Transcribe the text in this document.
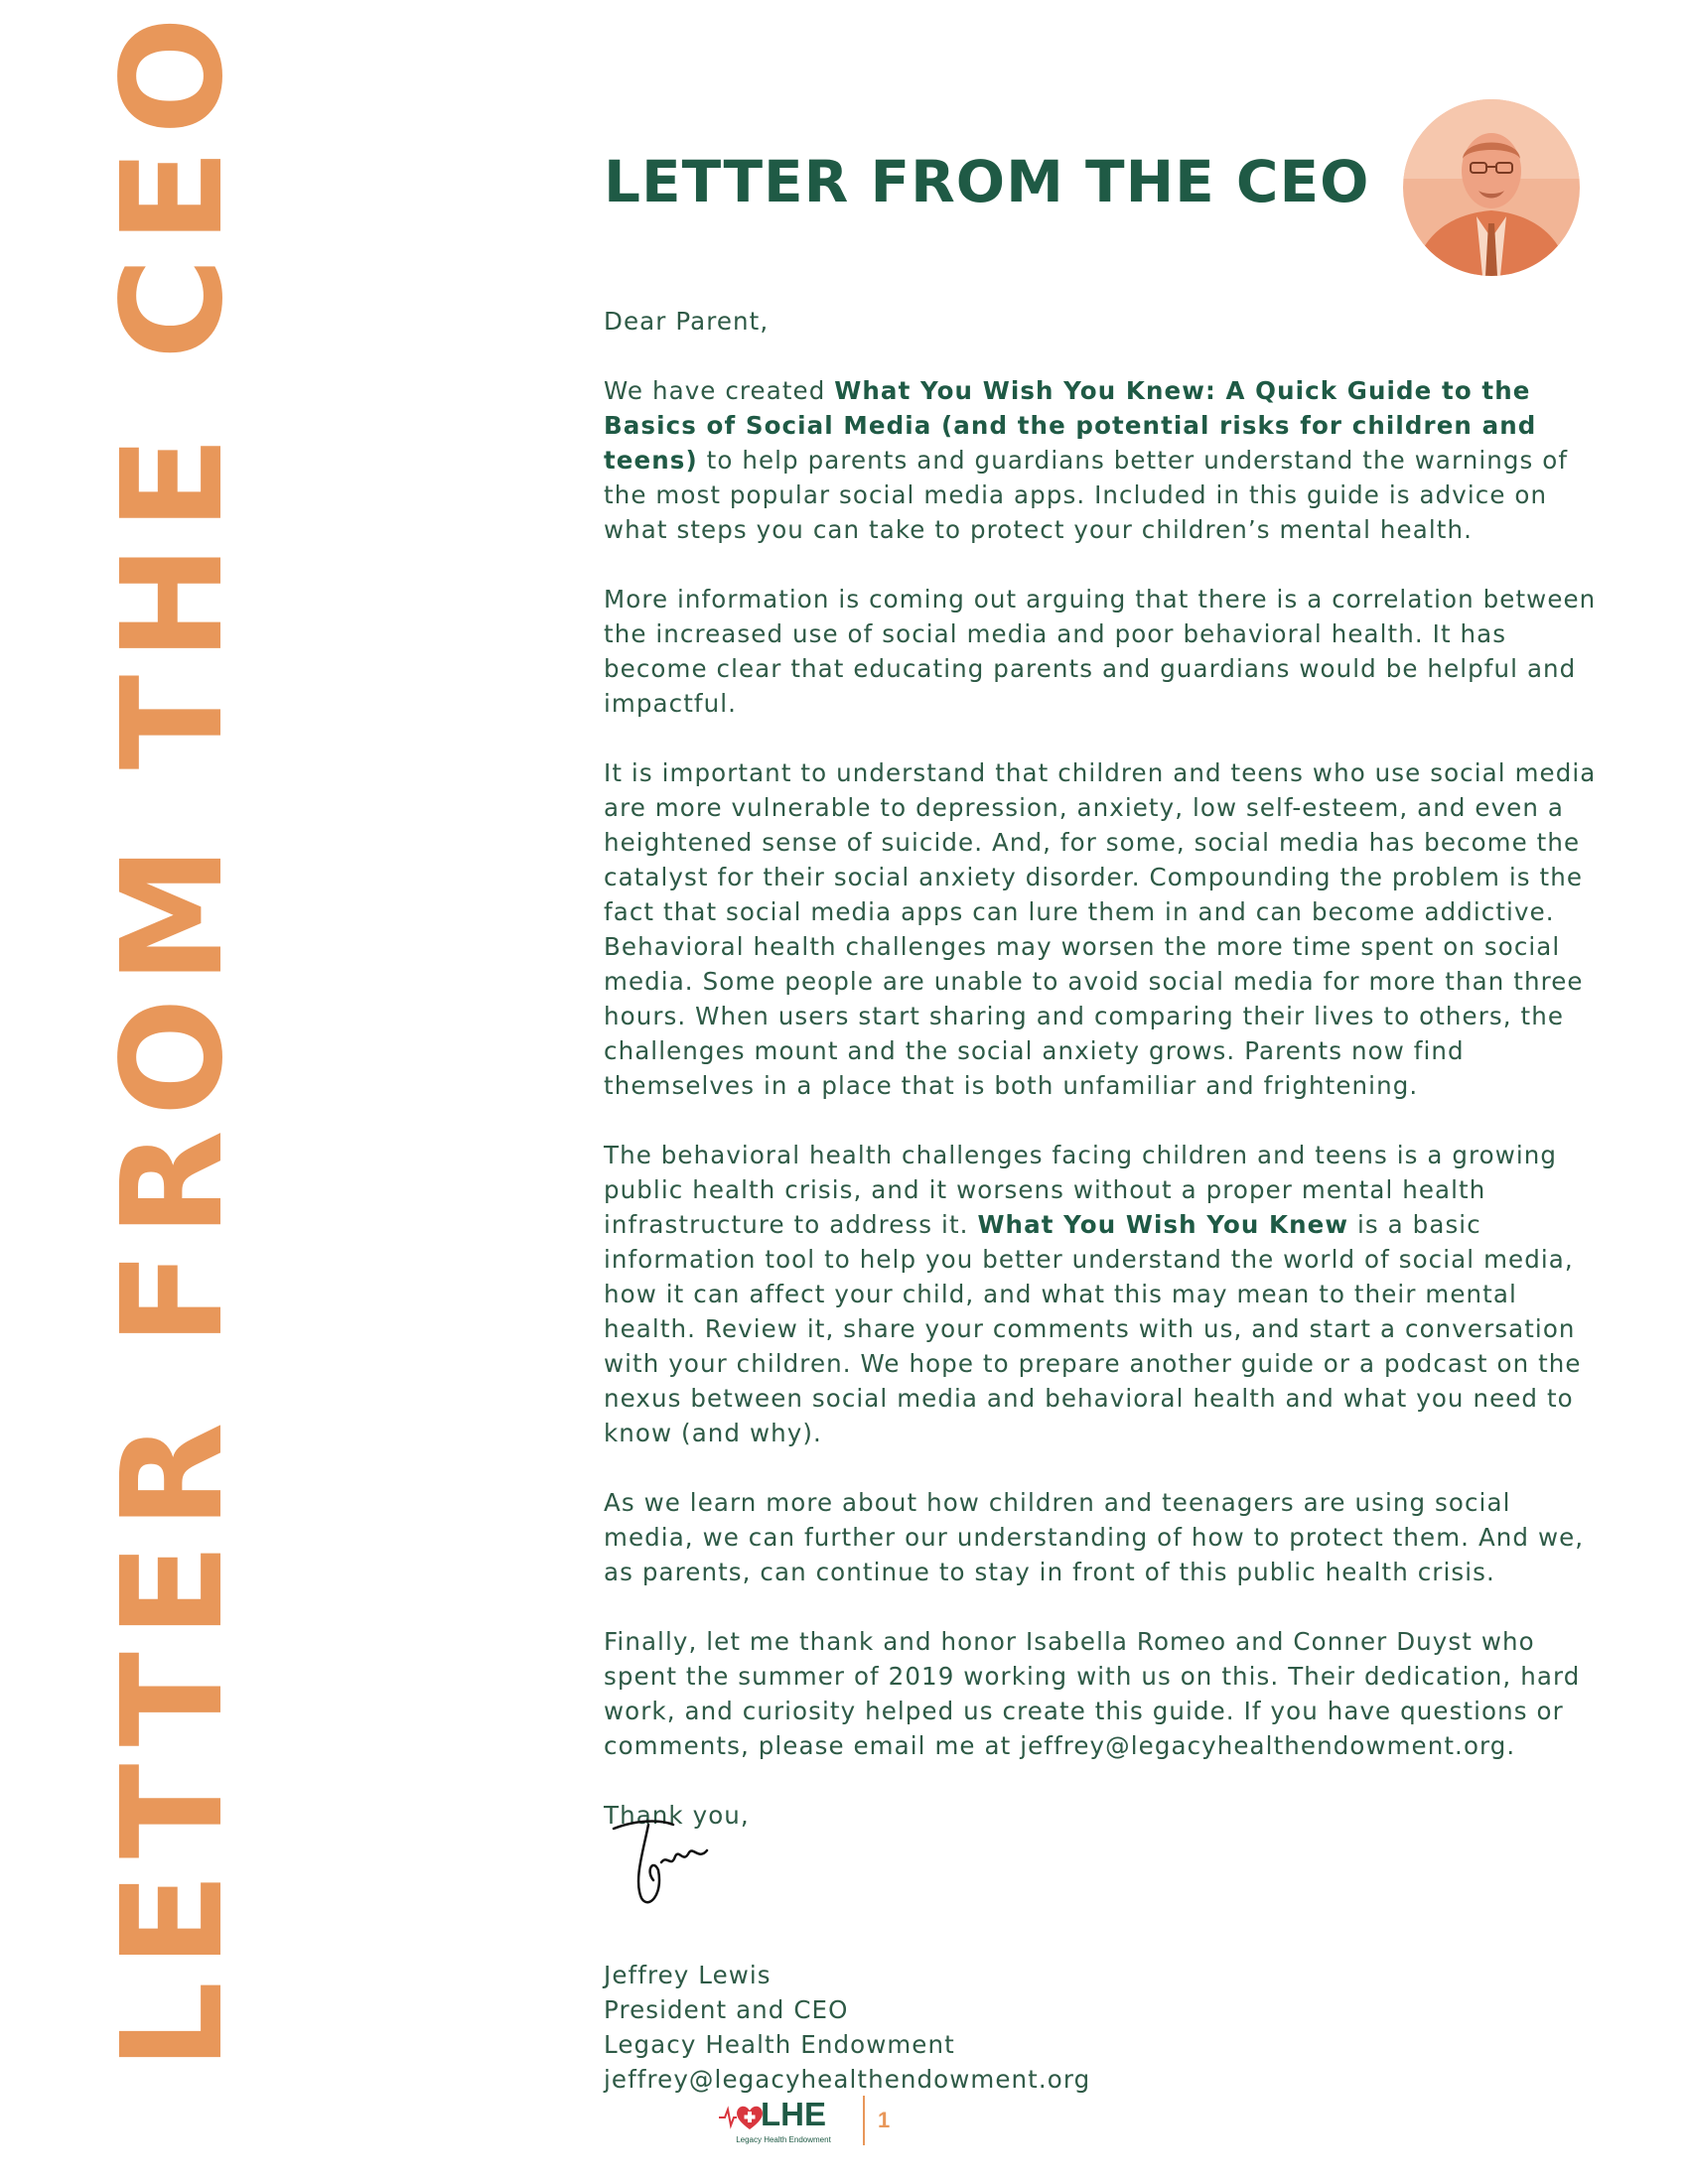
LETTER FROM THE CEO	LETTER FROM THE CEO

Dear Parent,

We have created What You Wish You Knew: A Quick Guide to the Basics of Social Media (and the potential risks for children and teens) to help parents and guardians better understand the warnings of the most popular social media apps. Included in this guide is advice on what steps you can take to protect your children’s mental health.

More information is coming out arguing that there is a correlation between the increased use of social media and poor behavioral health. It has become clear that educating parents and guardians would be helpful and impactful.

It is important to understand that children and teens who use social media are more vulnerable to depression, anxiety, low self-esteem, and even a heightened sense of suicide. And, for some, social media has become the catalyst for their social anxiety disorder. Compounding the problem is the fact that social media apps can lure them in and can become addictive. Behavioral health challenges may worsen the more time spent on social media. Some people are unable to avoid social media for more than three hours. When users start sharing and comparing their lives to others, the challenges mount and the social anxiety grows. Parents now find themselves in a place that is both unfamiliar and frightening.

The behavioral health challenges facing children and teens is a growing public health crisis, and it worsens without a proper mental health infrastructure to address it. What You Wish You Knew is a basic information tool to help you better understand the world of social media, how it can affect your child, and what this may mean to their mental health. Review it, share your comments with us, and start a conversation with your children. We hope to prepare another guide or a podcast on the nexus between social media and behavioral health and what you need to know (and why).

As we learn more about how children and teenagers are using social media, we can further our understanding of how to protect them. And we, as parents, can continue to stay in front of this public health crisis.

Finally, let me thank and honor Isabella Romeo and Conner Duyst who spent the summer of 2019 working with us on this. Their dedication, hard work, and curiosity helped us create this guide. If you have questions or comments, please email me at jeffrey@legacyhealthendowment.org.

Thank you,
Jeffrey Lewis
President and CEO
Legacy Health Endowment
jeffrey@legacyhealthendowment.org
LHE
Legacy Health Endowment
1
